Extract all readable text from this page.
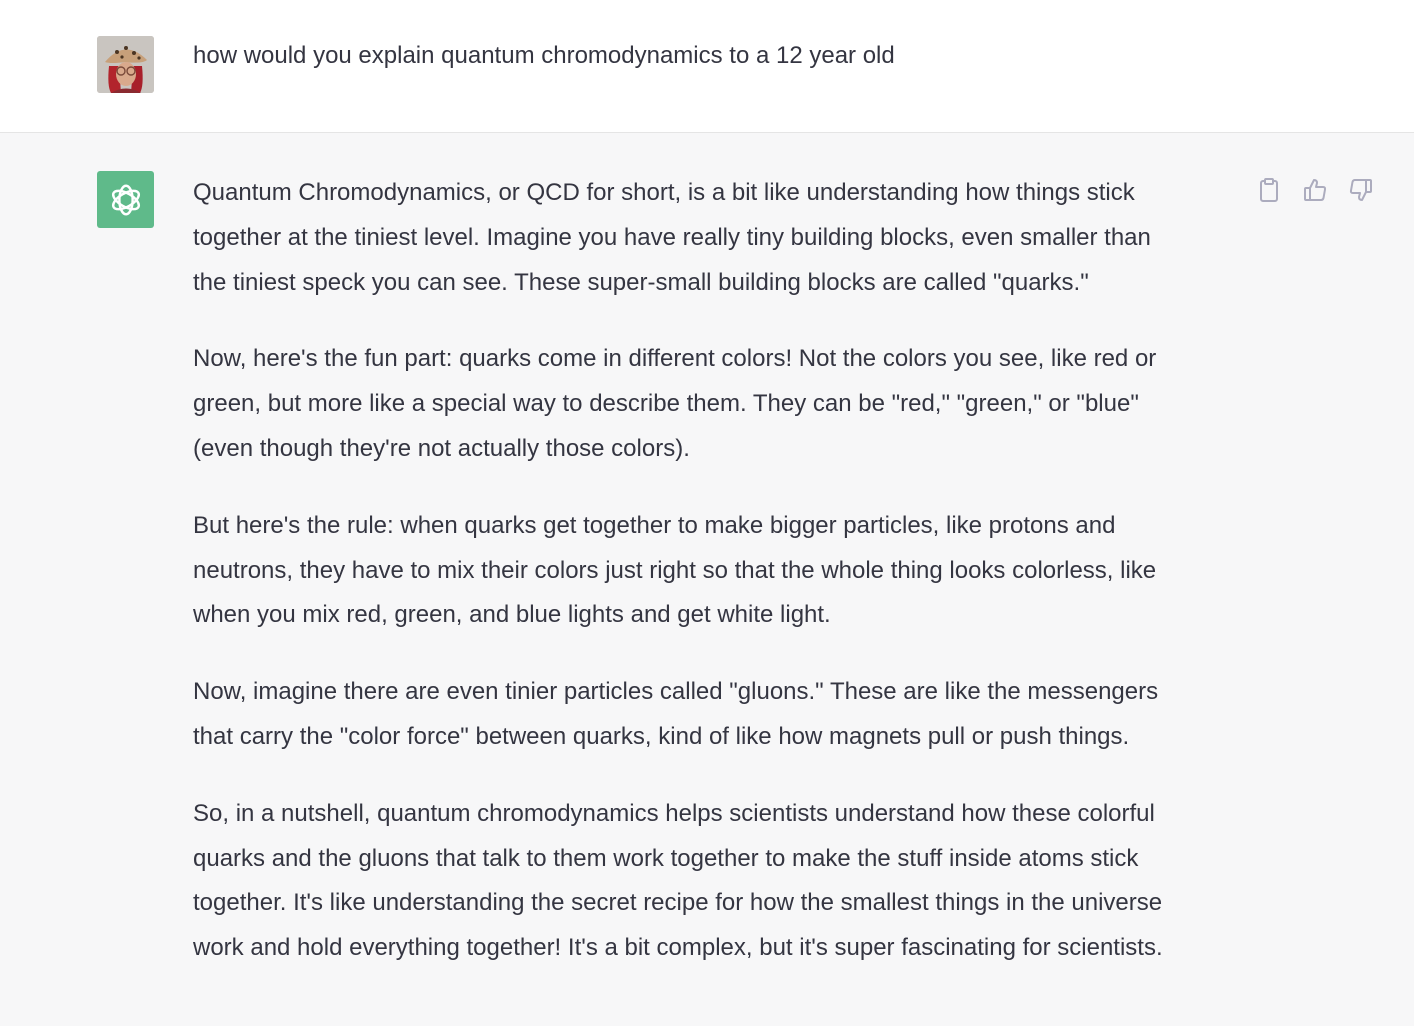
how would you explain quantum chromodynamics to a 12 year old

Quantum Chromodynamics, or QCD for short, is a bit like understanding how things stick
together at the tiniest level. Imagine you have really tiny building blocks, even smaller than
the tiniest speck you can see. These super-small building blocks are called "quarks."

Now, here's the fun part: quarks come in different colors! Not the colors you see, like red or
green, but more like a special way to describe them. They can be "red," "green," or "blue"
(even though they're not actually those colors).

But here's the rule: when quarks get together to make bigger particles, like protons and
neutrons, they have to mix their colors just right so that the whole thing looks colorless, like
when you mix red, green, and blue lights and get white light.

Now, imagine there are even tinier particles called "gluons." These are like the messengers
that carry the "color force" between quarks, kind of like how magnets pull or push things.

So, in a nutshell, quantum chromodynamics helps scientists understand how these colorful
quarks and the gluons that talk to them work together to make the stuff inside atoms stick
together. It's like understanding the secret recipe for how the smallest things in the universe
work and hold everything together! It's a bit complex, but it's super fascinating for scientists.
